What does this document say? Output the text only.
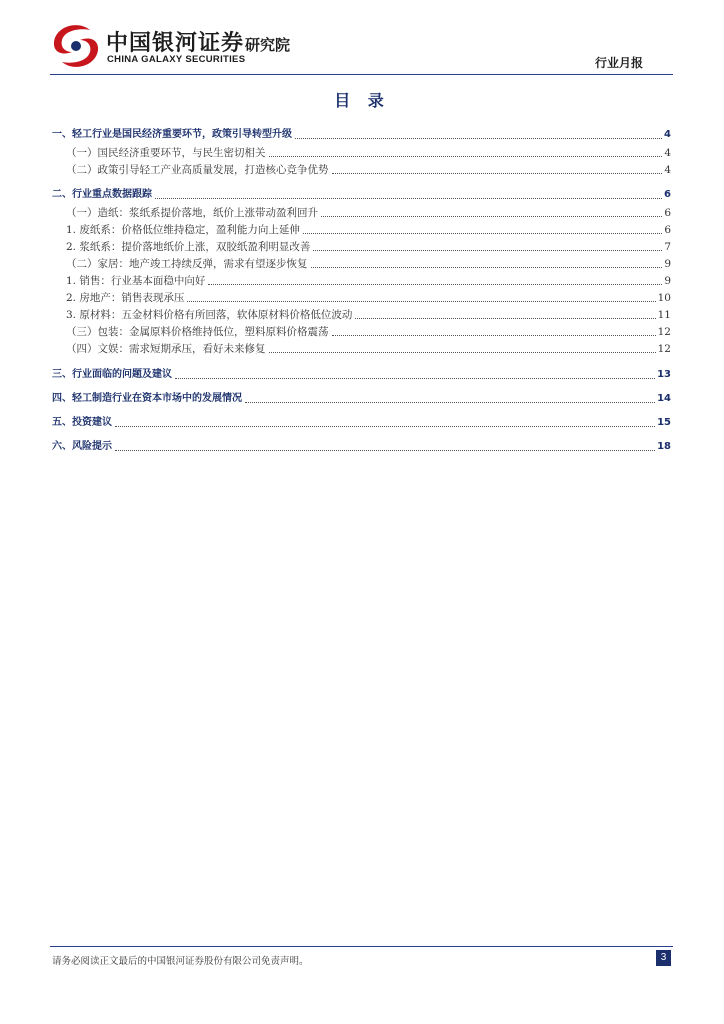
中国银河证券
CHINA GALAXY SECURITIES
研究院
行业月报
目 录
一、轻工行业是国民经济重要环节，政策引导转型升级	4
（一）国民经济重要环节，与民生密切相关	4
（二）政策引导轻工产业高质量发展，打造核心竞争优势	4
二、行业重点数据跟踪	6
（一）造纸：浆纸系提价落地，纸价上涨带动盈利回升	6
1. 废纸系：价格低位维持稳定，盈利能力向上延伸	6
2. 浆纸系：提价落地纸价上涨，双胶纸盈利明显改善	7
（二）家居：地产竣工持续反弹，需求有望逐步恢复	9
1. 销售：行业基本面稳中向好	9
2. 房地产：销售表现承压	10
3. 原材料：五金材料价格有所回落，软体原材料价格低位波动	11
（三）包装：金属原料价格维持低位，塑料原料价格震荡	12
（四）文娱：需求短期承压，看好未来修复	12
三、行业面临的问题及建议	13
四、轻工制造行业在资本市场中的发展情况	14
五、投资建议	15
六、风险提示	18
请务必阅读正文最后的中国银河证券股份有限公司免责声明。	3
